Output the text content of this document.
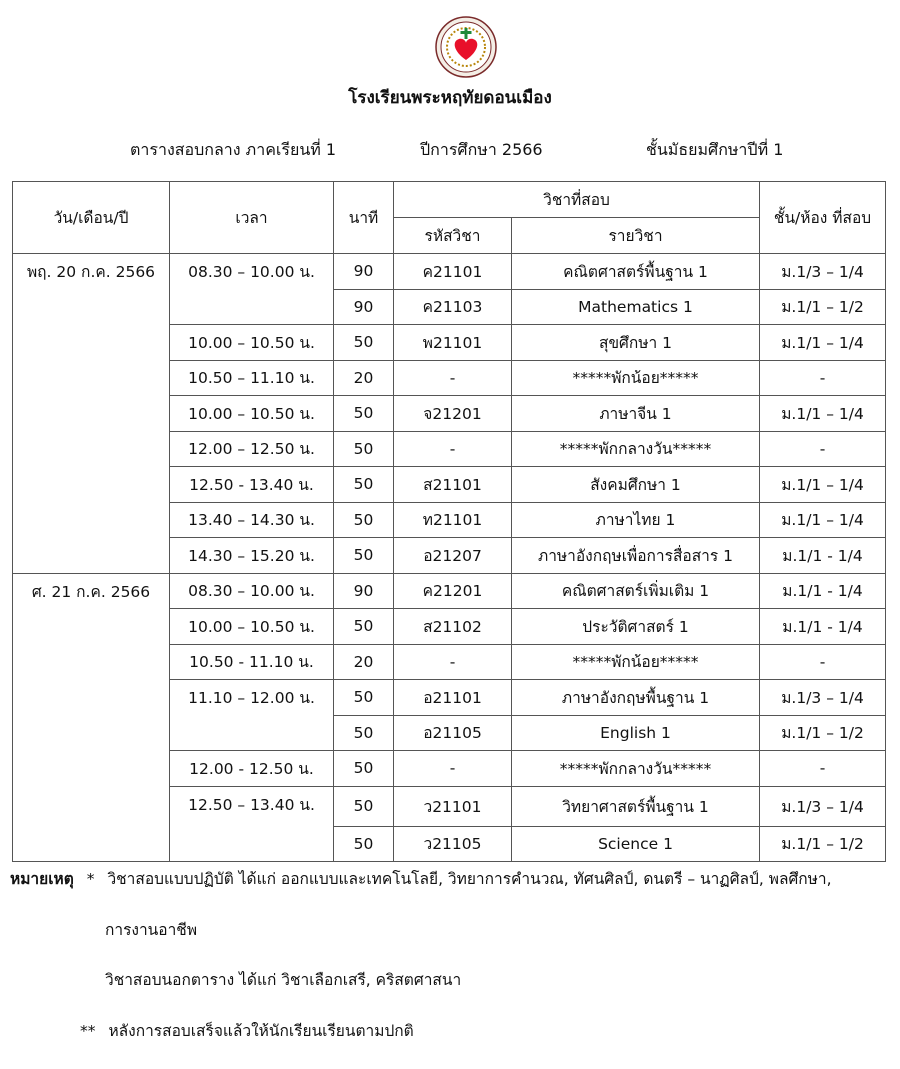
โรงเรียนพระหฤทัยดอนเมือง
ตารางสอบกลาง ภาคเรียนที่ 1	ปีการศึกษา 2566	ชั้นมัธยมศึกษาปีที่ 1
วัน/เดือน/ปี	เวลา	นาที	วิชาที่สอบ		ชั้น/ห้อง ที่สอบ
			รหัสวิชา	รายวิชา	
พฤ. 20 ก.ค. 2566	08.30 – 10.00 น.	90	ค21101	คณิตศาสตร์พื้นฐาน 1	ม.1/3 – 1/4
		90	ค21103	Mathematics 1	ม.1/1 – 1/2
	10.00 – 10.50 น.	50	พ21101	สุขศึกษา 1	ม.1/1 – 1/4
	10.50 – 11.10 น.	20	-	*****พักน้อย*****	-
	10.00 – 10.50 น.	50	จ21201	ภาษาจีน 1	ม.1/1 – 1/4
	12.00 – 12.50 น.	50	-	*****พักกลางวัน*****	-
	12.50 - 13.40 น.	50	ส21101	สังคมศึกษา 1	ม.1/1 – 1/4
	13.40 – 14.30 น.	50	ท21101	ภาษาไทย 1	ม.1/1 – 1/4
	14.30 – 15.20 น.	50	อ21207	ภาษาอังกฤษเพื่อการสื่อสาร 1	ม.1/1 - 1/4
ศ. 21 ก.ค. 2566	08.30 – 10.00 น.	90	ค21201	คณิตศาสตร์เพิ่มเติม 1	ม.1/1 - 1/4
	10.00 – 10.50 น.	50	ส21102	ประวัติศาสตร์ 1	ม.1/1 - 1/4
	10.50 - 11.10 น.	20	-	*****พักน้อย*****	-
	11.10 – 12.00 น.	50	อ21101	ภาษาอังกฤษพื้นฐาน 1	ม.1/3 – 1/4
		50	อ21105	English 1	ม.1/1 – 1/2
	12.00 - 12.50 น.	50	-	*****พักกลางวัน*****	-
	12.50 – 13.40 น.	50	ว21101	วิทยาศาสตร์พื้นฐาน 1	ม.1/3 – 1/4
		50	ว21105	Science 1	ม.1/1 – 1/2
หมายเหตุ * วิชาสอบแบบปฏิบัติ ได้แก่ ออกแบบและเทคโนโลยี, วิทยาการคำนวณ, ทัศนศิลป์, ดนตรี – นาฏศิลป์, พลศึกษา,
การงานอาชีพ
วิชาสอบนอกตาราง ได้แก่ วิชาเลือกเสรี, คริสตศาสนา
** หลังการสอบเสร็จแล้วให้นักเรียนเรียนตามปกติ
